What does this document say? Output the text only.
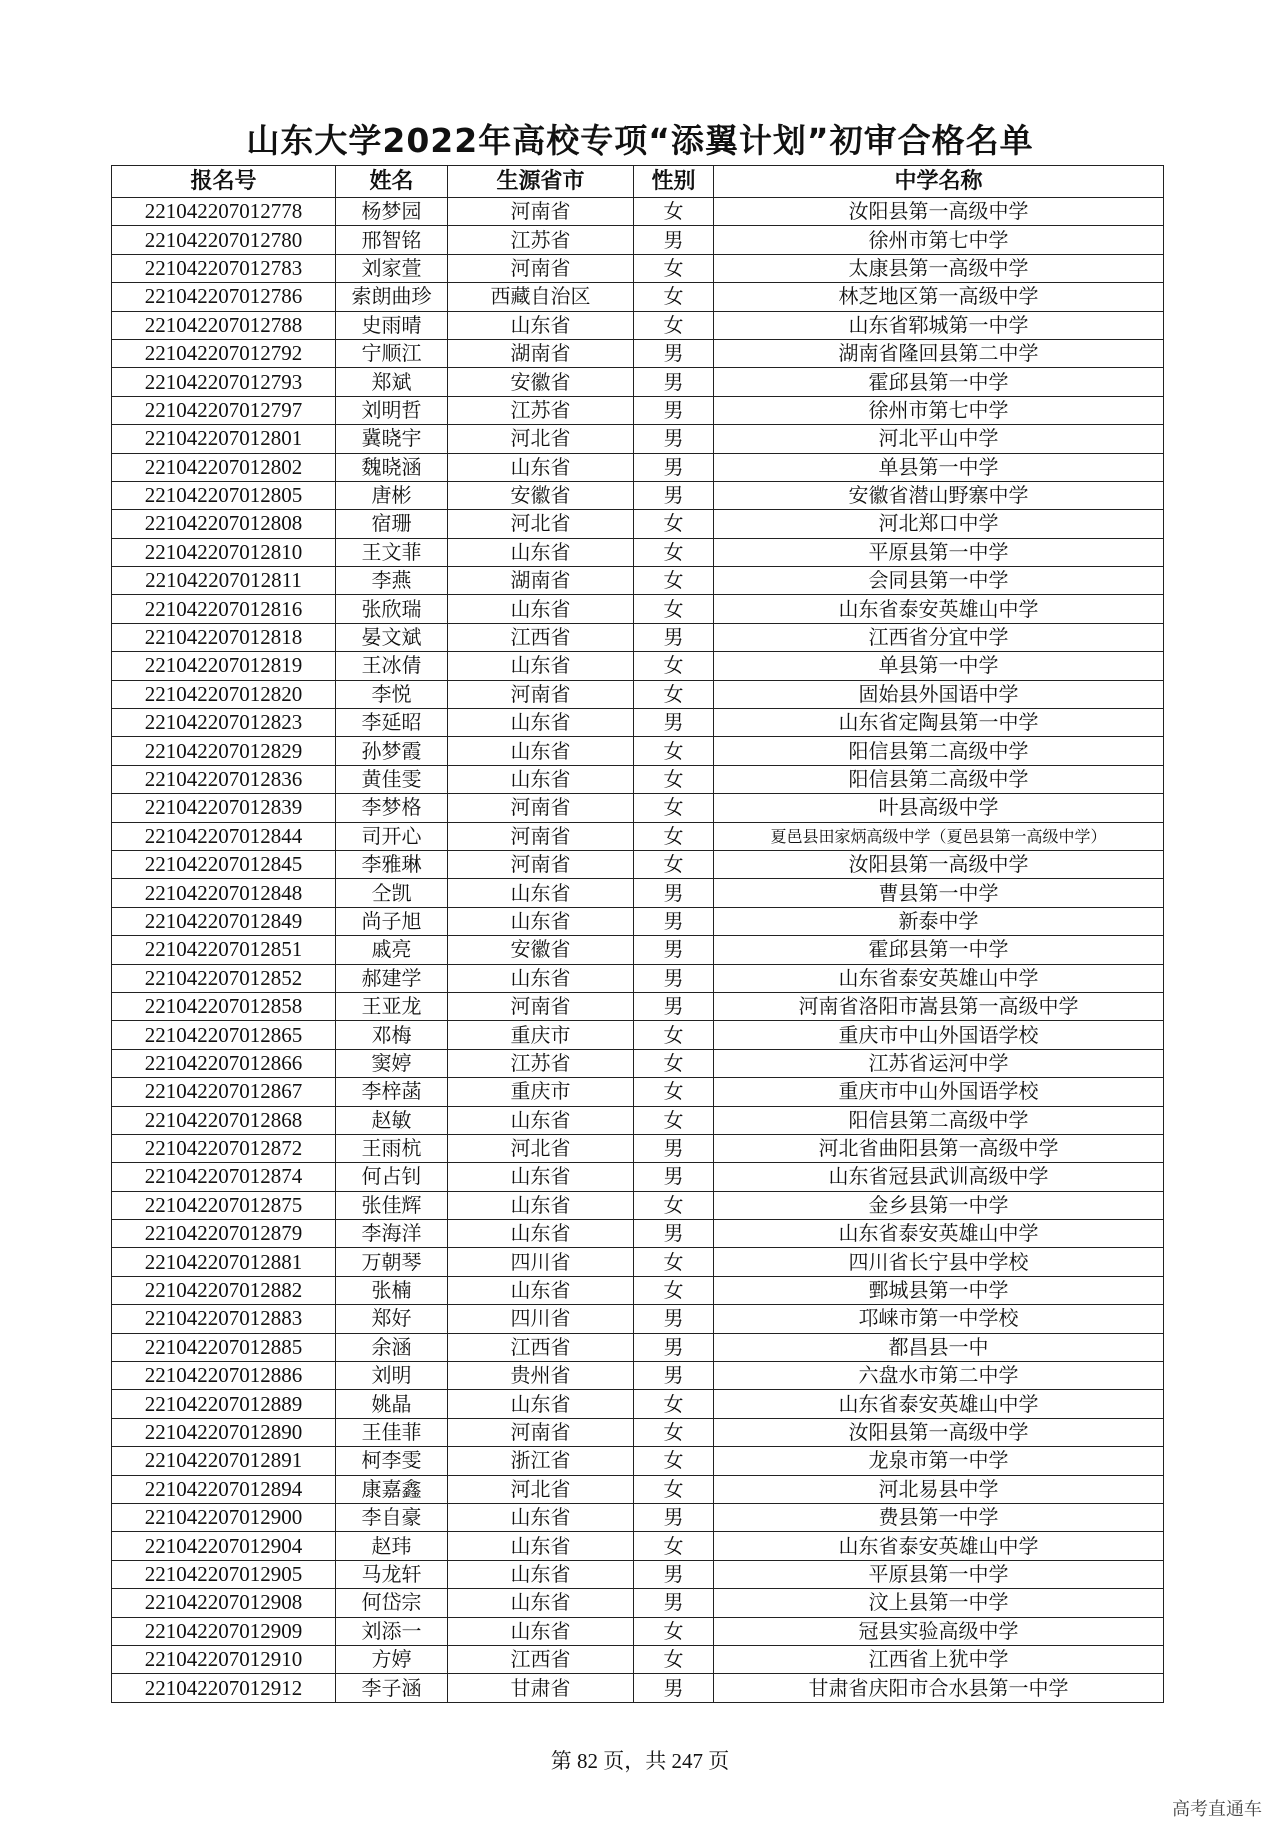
山东大学2022年高校专项“添翼计划”初审合格名单
报名号	姓名	生源省市	性别	中学名称
221042207012778	杨梦园	河南省	女	汝阳县第一高级中学
221042207012780	邢智铭	江苏省	男	徐州市第七中学
221042207012783	刘家萱	河南省	女	太康县第一高级中学
221042207012786	索朗曲珍	西藏自治区	女	林芝地区第一高级中学
221042207012788	史雨晴	山东省	女	山东省郓城第一中学
221042207012792	宁顺江	湖南省	男	湖南省隆回县第二中学
221042207012793	郑斌	安徽省	男	霍邱县第一中学
221042207012797	刘明哲	江苏省	男	徐州市第七中学
221042207012801	冀晓宇	河北省	男	河北平山中学
221042207012802	魏晓涵	山东省	男	单县第一中学
221042207012805	唐彬	安徽省	男	安徽省潜山野寨中学
221042207012808	宿珊	河北省	女	河北郑口中学
221042207012810	王文菲	山东省	女	平原县第一中学
221042207012811	李燕	湖南省	女	会同县第一中学
221042207012816	张欣瑞	山东省	女	山东省泰安英雄山中学
221042207012818	晏文斌	江西省	男	江西省分宜中学
221042207012819	王冰倩	山东省	女	单县第一中学
221042207012820	李悦	河南省	女	固始县外国语中学
221042207012823	李延昭	山东省	男	山东省定陶县第一中学
221042207012829	孙梦霞	山东省	女	阳信县第二高级中学
221042207012836	黄佳雯	山东省	女	阳信县第二高级中学
221042207012839	李梦格	河南省	女	叶县高级中学
221042207012844	司开心	河南省	女	夏邑县田家炳高级中学（夏邑县第一高级中学）
221042207012845	李雅琳	河南省	女	汝阳县第一高级中学
221042207012848	仝凯	山东省	男	曹县第一中学
221042207012849	尚子旭	山东省	男	新泰中学
221042207012851	戚亮	安徽省	男	霍邱县第一中学
221042207012852	郝建学	山东省	男	山东省泰安英雄山中学
221042207012858	王亚龙	河南省	男	河南省洛阳市嵩县第一高级中学
221042207012865	邓梅	重庆市	女	重庆市中山外国语学校
221042207012866	窦婷	江苏省	女	江苏省运河中学
221042207012867	李梓菡	重庆市	女	重庆市中山外国语学校
221042207012868	赵敏	山东省	女	阳信县第二高级中学
221042207012872	王雨杭	河北省	男	河北省曲阳县第一高级中学
221042207012874	何占钊	山东省	男	山东省冠县武训高级中学
221042207012875	张佳辉	山东省	女	金乡县第一中学
221042207012879	李海洋	山东省	男	山东省泰安英雄山中学
221042207012881	万朝琴	四川省	女	四川省长宁县中学校
221042207012882	张楠	山东省	女	鄄城县第一中学
221042207012883	郑好	四川省	男	邛崃市第一中学校
221042207012885	余涵	江西省	男	都昌县一中
221042207012886	刘明	贵州省	男	六盘水市第二中学
221042207012889	姚晶	山东省	女	山东省泰安英雄山中学
221042207012890	王佳菲	河南省	女	汝阳县第一高级中学
221042207012891	柯李雯	浙江省	女	龙泉市第一中学
221042207012894	康嘉鑫	河北省	女	河北易县中学
221042207012900	李自豪	山东省	男	费县第一中学
221042207012904	赵玮	山东省	女	山东省泰安英雄山中学
221042207012905	马龙轩	山东省	男	平原县第一中学
221042207012908	何岱宗	山东省	男	汶上县第一中学
221042207012909	刘添一	山东省	女	冠县实验高级中学
221042207012910	方婷	江西省	女	江西省上犹中学
221042207012912	李子涵	甘肃省	男	甘肃省庆阳市合水县第一中学
第 82 页，共 247 页
高考直通车
